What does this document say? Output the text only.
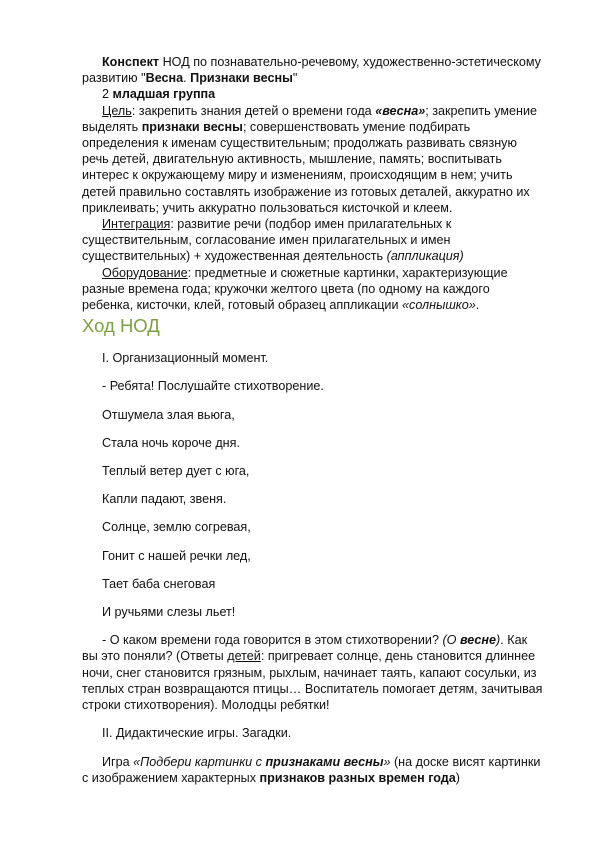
Конспект НОД по познавательно-речевому, художественно-эстетическому развитию "Весна. Признаки весны"

2 младшая группа

Цель: закрепить знания детей о времени года «весна»; закрепить умение выделять признаки весны; совершенствовать умение подбирать определения к именам существительным; продолжать развивать связную речь детей, двигательную активность, мышление, память; воспитывать интерес к окружающему миру и изменениям, происходящим в нем; учить детей правильно составлять изображение из готовых деталей, аккуратно их приклеивать; учить аккуратно пользоваться кисточкой и клеем.

Интеграция: развитие речи (подбор имен прилагательных к существительным, согласование имен прилагательных и имен существительных) + художественная деятельность (аппликация)

Оборудование: предметные и сюжетные картинки, характеризующие разные времена года; кружочки желтого цвета (по одному на каждого ребенка, кисточки, клей, готовый образец аппликации «солнышко».

Ход НОД

I. Организационный момент.

- Ребята! Послушайте стихотворение.

Отшумела злая вьюга,

Стала ночь короче дня.

Теплый ветер дует с юга,

Капли падают, звеня.

Солнце, землю согревая,

Гонит с нашей речки лед,

Тает баба снеговая

И ручьями слезы льет!

- О каком времени года говорится в этом стихотворении? (О весне). Как вы это поняли? (Ответы детей: пригревает солнце, день становится длиннее ночи, снег становится грязным, рыхлым, начинает таять, капают сосульки, из теплых стран возвращаются птицы… Воспитатель помогает детям, зачитывая строки стихотворения). Молодцы ребятки!

II. Дидактические игры. Загадки.

Игра «Подбери картинки с признаками весны» (на доске висят картинки с изображением характерных признаков разных времен года)
